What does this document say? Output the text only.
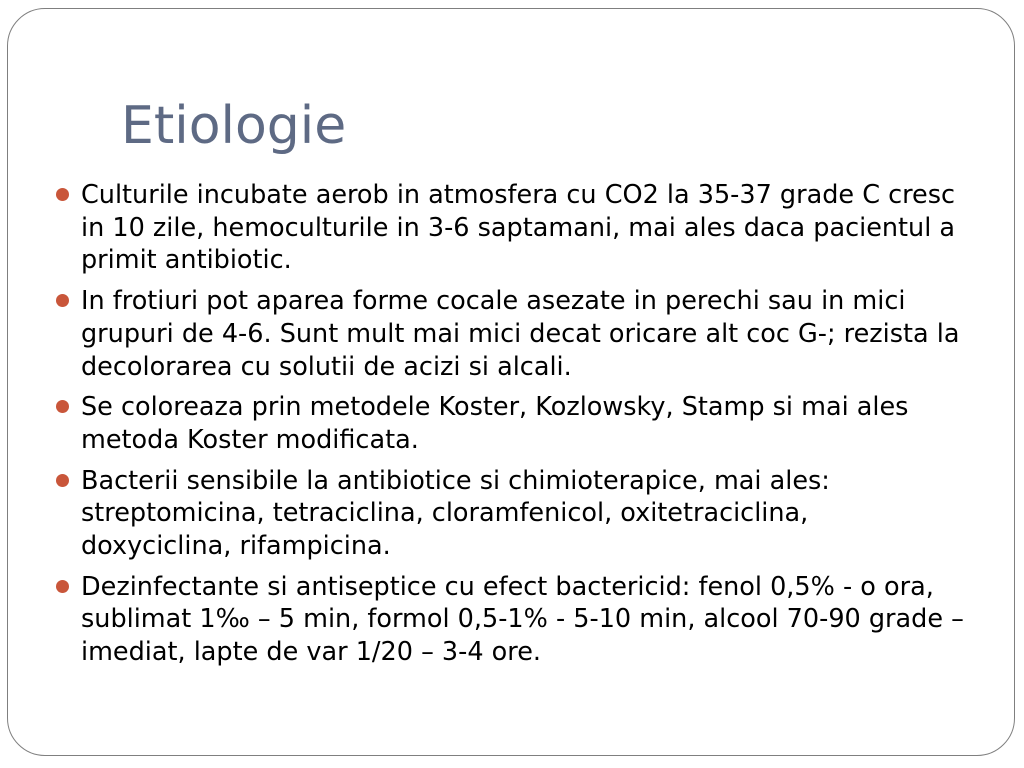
Etiologie
Culturile incubate aerob in atmosfera cu CO2 la 35-37 grade C cresc in 10 zile, hemoculturile in 3-6 saptamani, mai ales daca pacientul a primit antibiotic.
In frotiuri pot aparea forme cocale asezate in perechi sau in mici grupuri de 4-6. Sunt mult mai mici decat oricare alt coc G-; rezista la decolorarea cu solutii de acizi si alcali.
Se coloreaza prin metodele Koster, Kozlowsky, Stamp si mai ales metoda Koster modificata.
Bacterii sensibile la antibiotice si chimioterapice, mai ales: streptomicina, tetraciclina, cloramfenicol, oxitetraciclina, doxyciclina, rifampicina.
Dezinfectante si antiseptice cu efect bactericid: fenol 0,5% - o ora, sublimat 1‰ – 5 min, formol 0,5-1% - 5-10 min, alcool 70-90 grade – imediat, lapte de var 1/20 – 3-4 ore.
